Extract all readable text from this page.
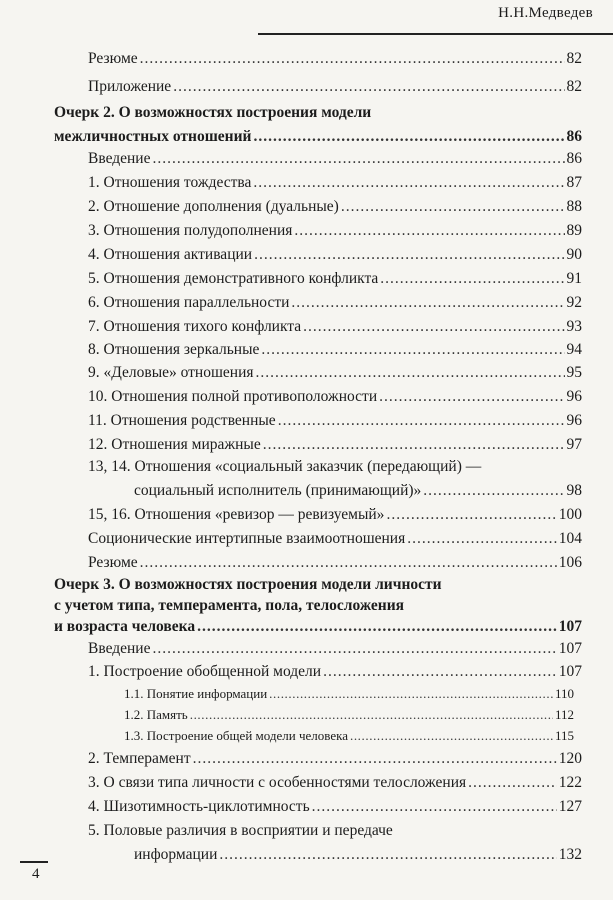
Н.Н.Медведев
Резюме .....	82
Приложение .....	82
Очерк 2. О возможностях построения модели
межличностных отношений .....	86
Введение .....	86
1. Отношения тождества .....	87
2. Отношение дополнения (дуальные) .....	88
3. Отношения полудополнения .....	89
4. Отношения активации .....	90
5. Отношения демонстративного конфликта .....	91
6. Отношения параллельности .....	92
7. Отношения тихого конфликта .....	93
8. Отношения зеркальные .....	94
9. «Деловые» отношения .....	95
10. Отношения полной противоположности .....	96
11. Отношения родственные .....	96
12. Отношения миражные .....	97
13, 14. Отношения «социальный заказчик (передающий) —
социальный исполнитель (принимающий)» .....	98
15, 16. Отношения «ревизор — ревизуемый» .....	100
Соционические интертипные взаимоотношения .....	104
Резюме .....	106
Очерк 3. О возможностях построения модели личности
с учетом типа, темперамента, пола, телосложения
и возраста человека .....	107
Введение .....	107
1. Построение обобщенной модели .....	107
1.1. Понятие информации .....	110
1.2. Память .....	112
1.3. Построение общей модели человека .....	115
2. Темперамент .....	120
3. О связи типа личности с особенностями телосложения .....	122
4. Шизотимность-циклотимность .....	127
5. Половые различия в восприятии и передаче
информации .....	132
4
